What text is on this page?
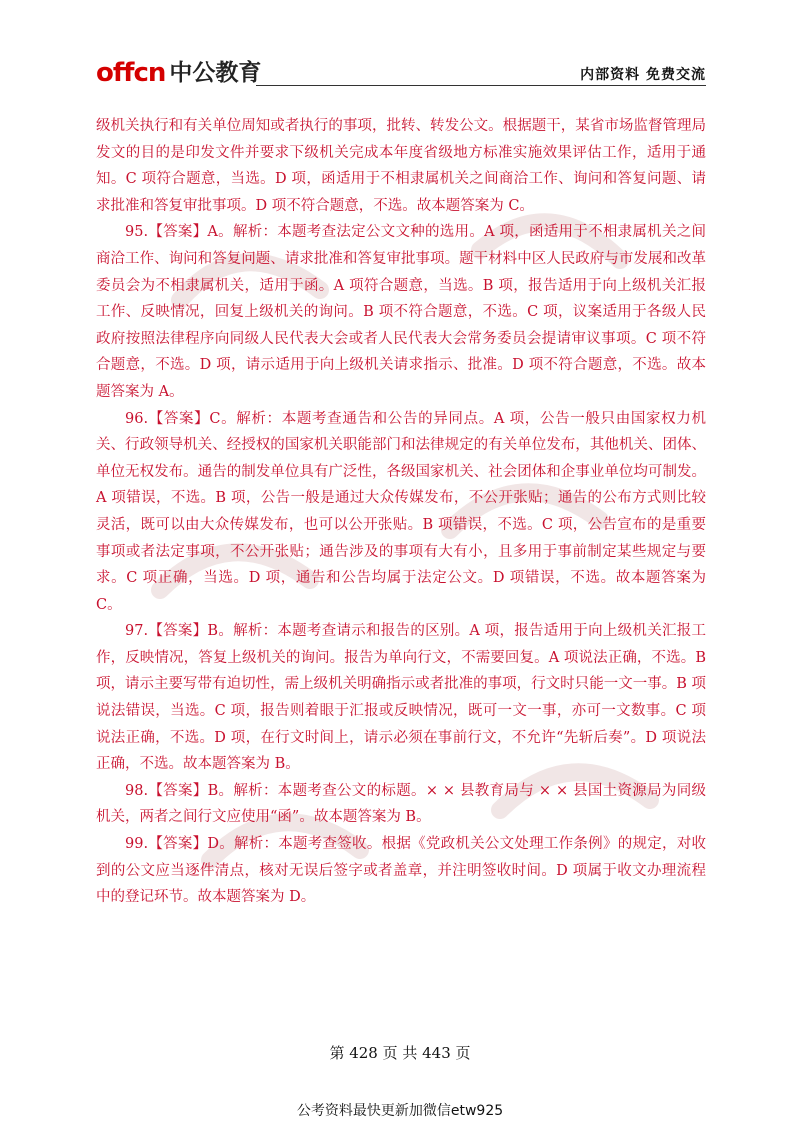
offcn 中公教育	内部资料 免费交流

级机关执行和有关单位周知或者执行的事项，批转、转发公文。根据题干，某省市场监督管理局发文的目的是印发文件并要求下级机关完成本年度省级地方标准实施效果评估工作，适用于通知。C 项符合题意，当选。D 项，函适用于不相隶属机关之间商洽工作、询问和答复问题、请求批准和答复审批事项。D 项不符合题意，不选。故本题答案为 C。

95.【答案】A。解析：本题考查法定公文文种的选用。A 项，函适用于不相隶属机关之间商洽工作、询问和答复问题、请求批准和答复审批事项。题干材料中区人民政府与市发展和改革委员会为不相隶属机关，适用于函。A 项符合题意，当选。B 项，报告适用于向上级机关汇报工作、反映情况，回复上级机关的询问。B 项不符合题意，不选。C 项，议案适用于各级人民政府按照法律程序向同级人民代表大会或者人民代表大会常务委员会提请审议事项。C 项不符合题意，不选。D 项，请示适用于向上级机关请求指示、批准。D 项不符合题意，不选。故本题答案为 A。

96.【答案】C。解析：本题考查通告和公告的异同点。A 项，公告一般只由国家权力机关、行政领导机关、经授权的国家机关职能部门和法律规定的有关单位发布，其他机关、团体、单位无权发布。通告的制发单位具有广泛性，各级国家机关、社会团体和企事业单位均可制发。A 项错误，不选。B 项，公告一般是通过大众传媒发布，不公开张贴；通告的公布方式则比较灵活，既可以由大众传媒发布，也可以公开张贴。B 项错误，不选。C 项，公告宣布的是重要事项或者法定事项，不公开张贴；通告涉及的事项有大有小，且多用于事前制定某些规定与要求。C 项正确，当选。D 项，通告和公告均属于法定公文。D 项错误，不选。故本题答案为 C。

97.【答案】B。解析：本题考查请示和报告的区别。A 项，报告适用于向上级机关汇报工作，反映情况，答复上级机关的询问。报告为单向行文，不需要回复。A 项说法正确，不选。B 项，请示主要写带有迫切性，需上级机关明确指示或者批准的事项，行文时只能一文一事。B 项说法错误，当选。C 项，报告则着眼于汇报或反映情况，既可一文一事，亦可一文数事。C 项说法正确，不选。D 项，在行文时间上，请示必须在事前行文，不允许“先斩后奏”。D 项说法正确，不选。故本题答案为 B。

98.【答案】B。解析：本题考查公文的标题。× × 县教育局与 × × 县国土资源局为同级机关，两者之间行文应使用“函”。故本题答案为 B。

99.【答案】D。解析：本题考查签收。根据《党政机关公文处理工作条例》的规定，对收到的公文应当逐件清点，核对无误后签字或者盖章，并注明签收时间。D 项属于收文办理流程中的登记环节。故本题答案为 D。

第 428 页 共 443 页
公考资料最快更新加微信etw925
